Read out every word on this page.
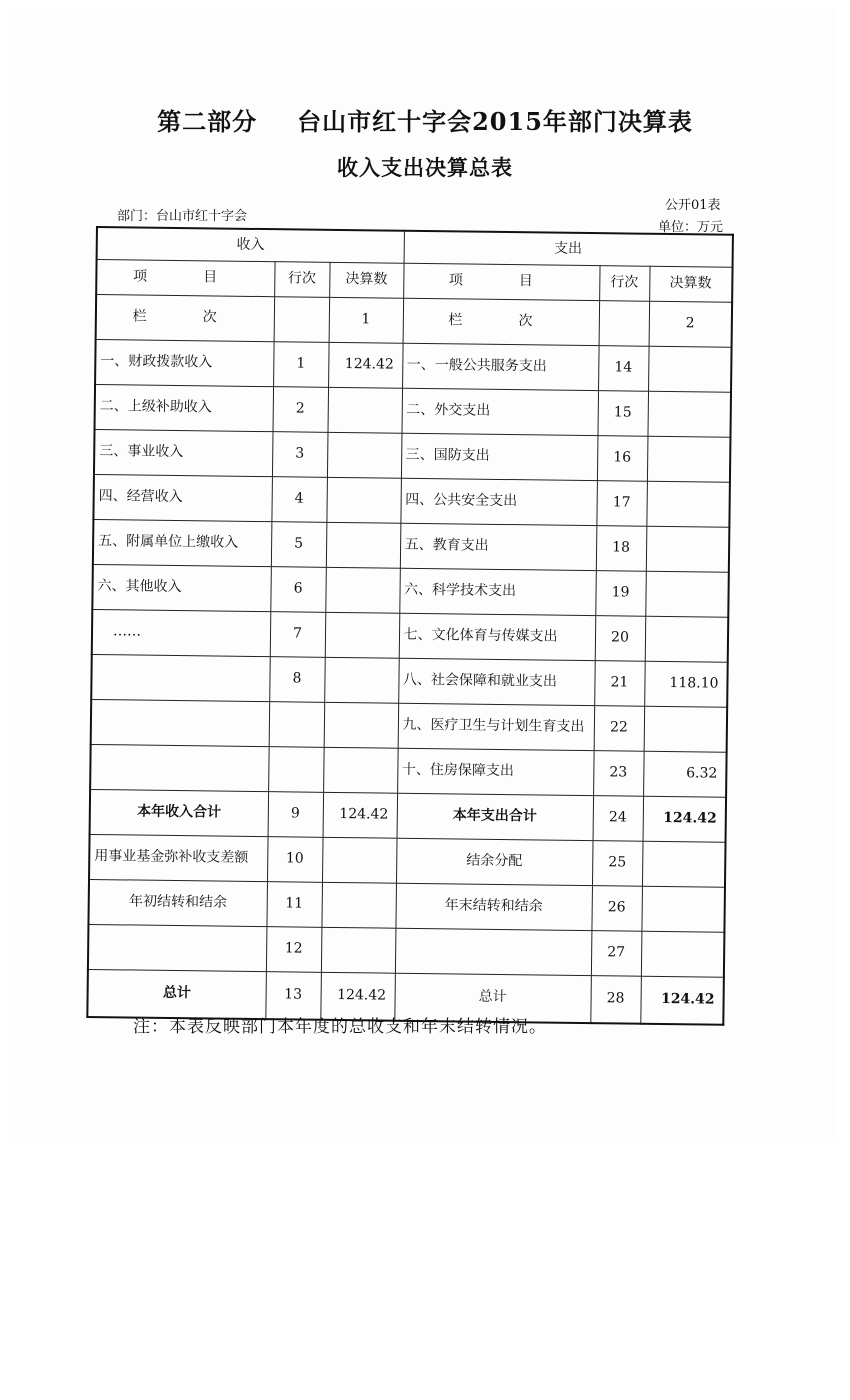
第二部分 台山市红十字会2015年部门决算表
收入支出决算总表
公开01表
部门：台山市红十字会
单位：万元
收入			支出		
项　目	行次	决算数	项　目	行次	决算数
栏　次		1	栏　次		2
一、财政拨款收入	1	124.42	一、一般公共服务支出	14	
二、上级补助收入	2		二、外交支出	15	
三、事业收入	3		三、国防支出	16	
四、经营收入	4		四、公共安全支出	17	
五、附属单位上缴收入	5		五、教育支出	18	
六、其他收入	6		六、科学技术支出	19	
……	7		七、文化体育与传媒支出	20	
	8		八、社会保障和就业支出	21	118.10
			九、医疗卫生与计划生育支出	22	
			十、住房保障支出	23	6.32
本年收入合计	9	124.42	本年支出合计	24	124.42
用事业基金弥补收支差额	10		结余分配	25	
年初结转和结余	11		年末结转和结余	26	
	12			27	
总计	13	124.42	总计	28	124.42
注：本表反映部门本年度的总收支和年末结转情况。
